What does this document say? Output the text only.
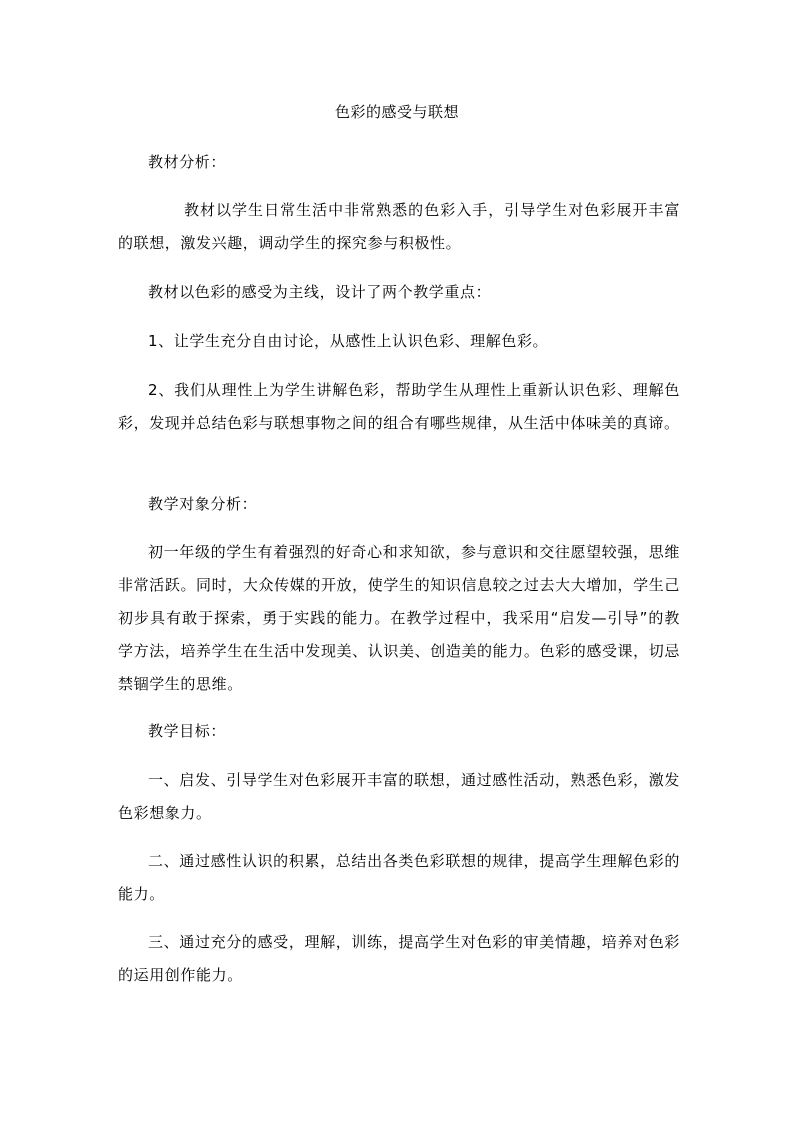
色彩的感受与联想

教材分析：

教材以学生日常生活中非常熟悉的色彩入手，引导学生对色彩展开丰富的联想，激发兴趣，调动学生的探究参与积极性。

教材以色彩的感受为主线，设计了两个教学重点：

1、让学生充分自由讨论，从感性上认识色彩、理解色彩。

2、我们从理性上为学生讲解色彩，帮助学生从理性上重新认识色彩、理解色彩，发现并总结色彩与联想事物之间的组合有哪些规律，从生活中体味美的真谛。

教学对象分析：

初一年级的学生有着强烈的好奇心和求知欲，参与意识和交往愿望较强，思维非常活跃。同时，大众传媒的开放，使学生的知识信息较之过去大大增加，学生己初步具有敢于探索，勇于实践的能力。在教学过程中，我采用“启发—引导”的教学方法，培养学生在生活中发现美、认识美、创造美的能力。色彩的感受课，切忌禁锢学生的思维。

教学目标：

一、启发、引导学生对色彩展开丰富的联想，通过感性活动，熟悉色彩，激发色彩想象力。

二、通过感性认识的积累，总结出各类色彩联想的规律，提高学生理解色彩的能力。

三、通过充分的感受，理解，训练，提高学生对色彩的审美情趣，培养对色彩的运用创作能力。
